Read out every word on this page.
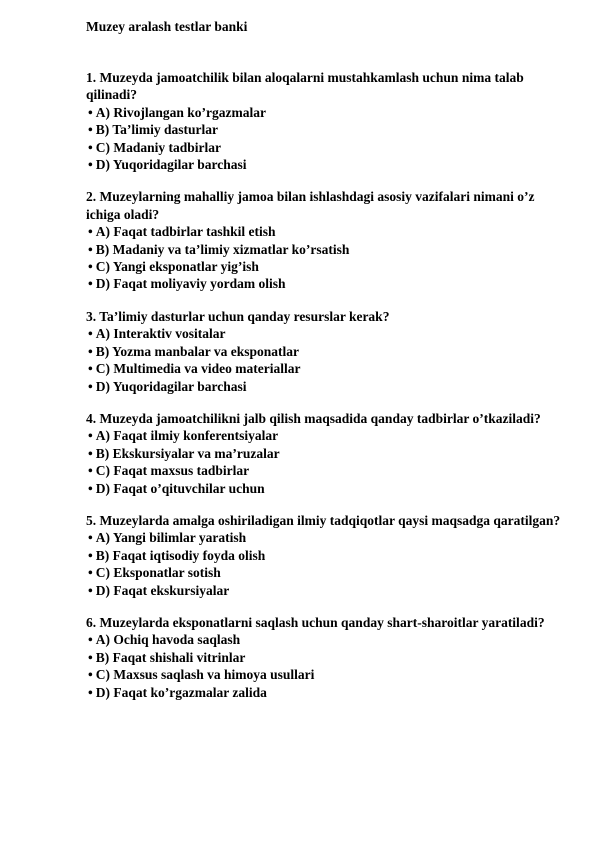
Muzey aralash testlar banki

1. Muzeyda jamoatchilik bilan aloqalarni mustahkamlash uchun nima talab qilinadi?

• A) Rivojlangan ko’rgazmalar
• B) Ta’limiy dasturlar
• C) Madaniy tadbirlar
• D) Yuqoridagilar barchasi

2. Muzeylarning mahalliy jamoa bilan ishlashdagi asosiy vazifalari nimani o’z ichiga oladi?

• A) Faqat tadbirlar tashkil etish
• B) Madaniy va ta’limiy xizmatlar ko’rsatish
• C) Yangi eksponatlar yig’ish
• D) Faqat moliyaviy yordam olish

3. Ta’limiy dasturlar uchun qanday resurslar kerak?

• A) Interaktiv vositalar
• B) Yozma manbalar va eksponatlar
• C) Multimedia va video materiallar
• D) Yuqoridagilar barchasi

4. Muzeyda jamoatchilikni jalb qilish maqsadida qanday tadbirlar o’tkaziladi?

• A) Faqat ilmiy konferentsiyalar
• B) Ekskursiyalar va ma’ruzalar
• C) Faqat maxsus tadbirlar
• D) Faqat o’qituvchilar uchun

5. Muzeylarda amalga oshiriladigan ilmiy tadqiqotlar qaysi maqsadga qaratilgan?

• A) Yangi bilimlar yaratish
• B) Faqat iqtisodiy foyda olish
• C) Eksponatlar sotish
• D) Faqat ekskursiyalar

6. Muzeylarda eksponatlarni saqlash uchun qanday shart-sharoitlar yaratiladi?

• A) Ochiq havoda saqlash
• B) Faqat shishali vitrinlar
• C) Maxsus saqlash va himoya usullari
• D) Faqat ko’rgazmalar zalida
